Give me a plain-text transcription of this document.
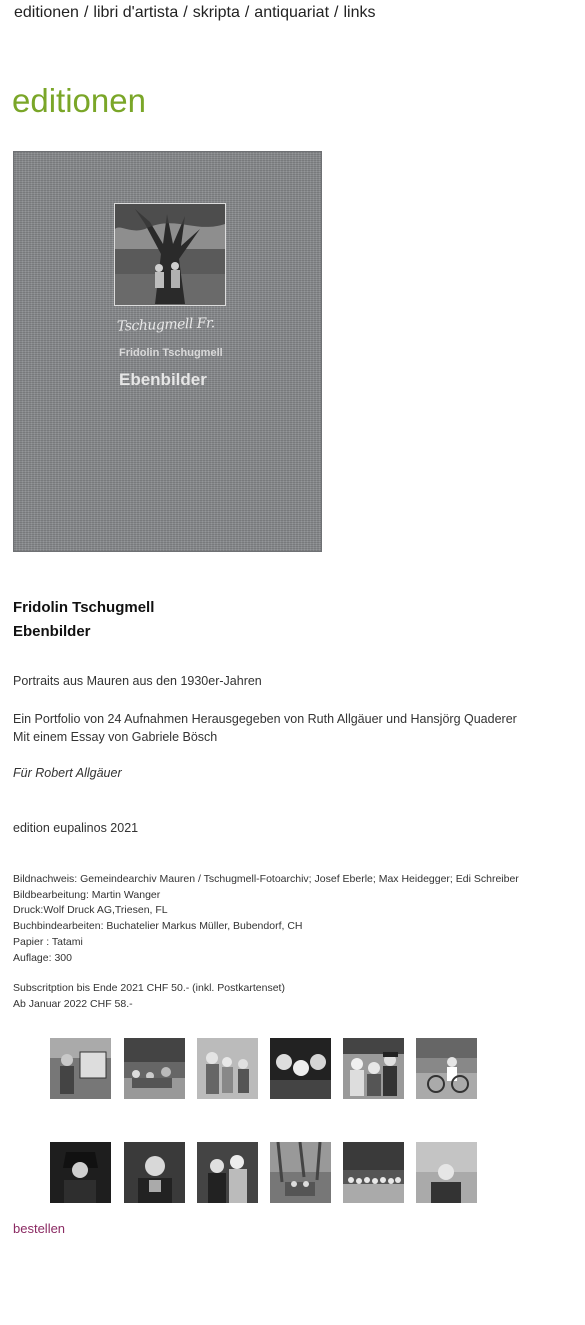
editionen / libri d'artista / skripta / antiquariat / links
editionen
Tschugmell Fr.
Fridolin Tschugmell
Ebenbilder
Fridolin Tschugmell
Ebenbilder
Portraits aus Mauren aus den 1930er-Jahren
Ein Portfolio von 24 Aufnahmen Herausgegeben von Ruth Allgäuer und Hansjörg Quaderer
Mit einem Essay von Gabriele Bösch
Für Robert Allgäuer
edition eupalinos 2021
Bildnachweis: Gemeindearchiv Mauren / Tschugmell-Fotoarchiv; Josef Eberle; Max Heidegger; Edi Schreiber
Bildbearbeitung: Martin Wanger
Druck:Wolf Druck AG,Triesen, FL
Buchbindearbeiten: Buchatelier Markus Müller, Bubendorf, CH
Papier : Tatami
Auflage: 300
Subscritption bis Ende 2021 CHF 50.- (inkl. Postkartenset)
Ab Januar 2022 CHF 58.-
bestellen
